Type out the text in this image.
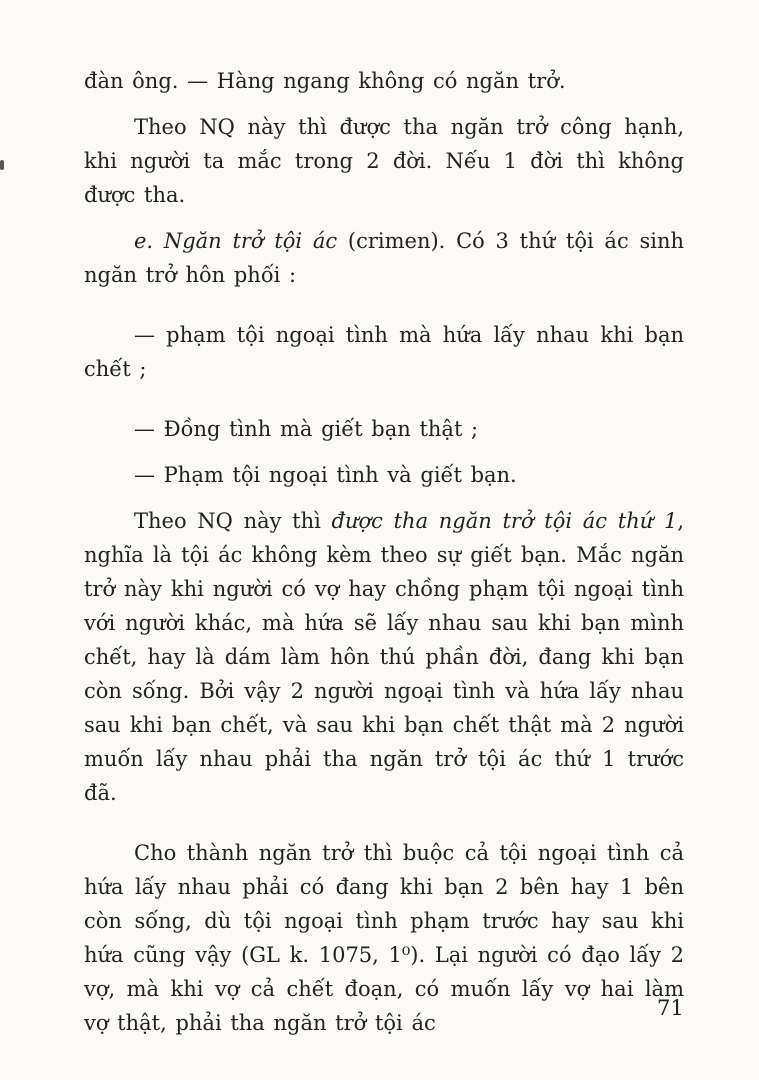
đàn ông. — Hàng ngang không có ngăn trở.

Theo NQ này thì được tha ngăn trở công hạnh, khi người ta mắc trong 2 đời. Nếu 1 đời thì không được tha.

e. Ngăn trở tội ác (crimen). Có 3 thứ tội ác sinh ngăn trở hôn phối :

— phạm tội ngoại tình mà hứa lấy nhau khi bạn chết ;

— Đồng tình mà giết bạn thật ;

— Phạm tội ngoại tình và giết bạn.

Theo NQ này thì được tha ngăn trở tội ác thứ 1, nghĩa là tội ác không kèm theo sự giết bạn. Mắc ngăn trở này khi người có vợ hay chồng phạm tội ngoại tình với người khác, mà hứa sẽ lấy nhau sau khi bạn mình chết, hay là dám làm hôn thú phần đời, đang khi bạn còn sống. Bởi vậy 2 người ngoại tình và hứa lấy nhau sau khi bạn chết, và sau khi bạn chết thật mà 2 người muốn lấy nhau phải tha ngăn trở tội ác thứ 1 trước đã.

Cho thành ngăn trở thì buộc cả tội ngoại tình cả hứa lấy nhau phải có đang khi bạn 2 bên hay 1 bên còn sống, dù tội ngoại tình phạm trước hay sau khi hứa cũng vậy (GL k. 1075, 1⁰). Lại người có đạo lấy 2 vợ, mà khi vợ cả chết đoạn, có muốn lấy vợ hai làm vợ thật, phải tha ngăn trở tội ác

71
